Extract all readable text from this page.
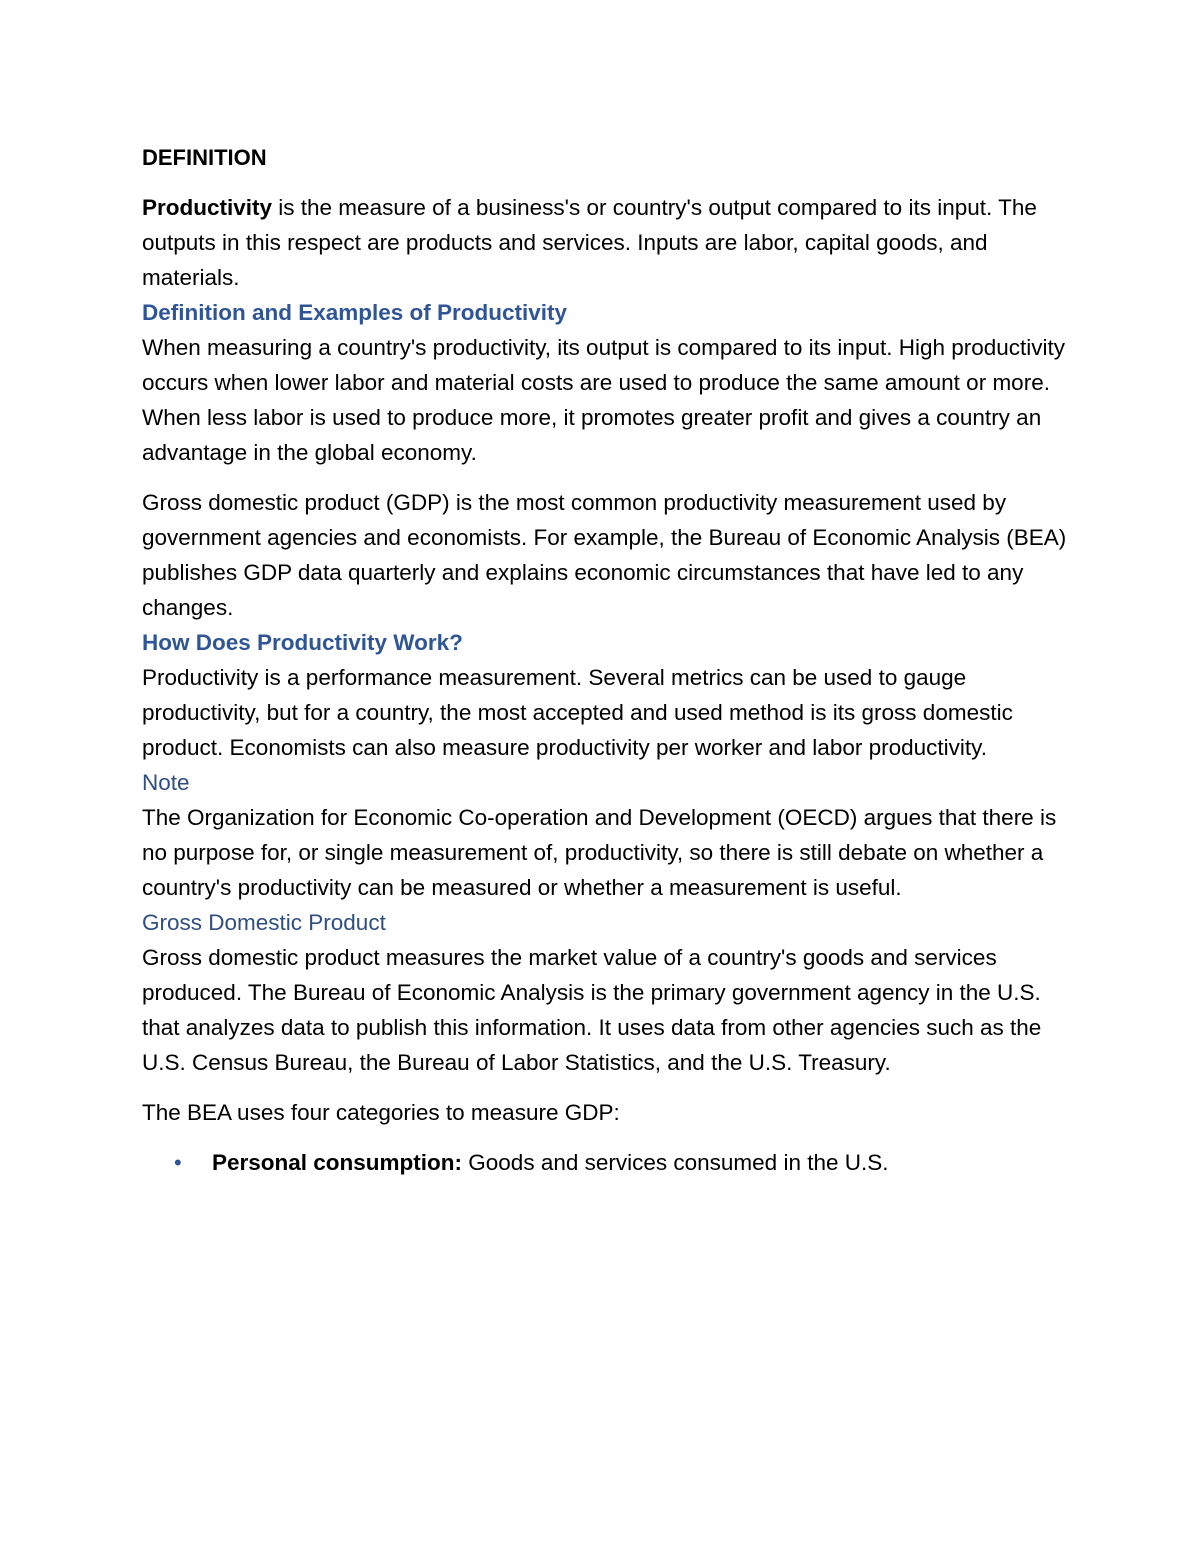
DEFINITION

Productivity is the measure of a business's or country's output compared to its input. The outputs in this respect are products and services. Inputs are labor, capital goods, and materials.

Definition and Examples of Productivity

When measuring a country's productivity, its output is compared to its input. High productivity occurs when lower labor and material costs are used to produce the same amount or more. When less labor is used to produce more, it promotes greater profit and gives a country an advantage in the global economy.

Gross domestic product (GDP) is the most common productivity measurement used by government agencies and economists. For example, the Bureau of Economic Analysis (BEA) publishes GDP data quarterly and explains economic circumstances that have led to any changes.

How Does Productivity Work?

Productivity is a performance measurement. Several metrics can be used to gauge productivity, but for a country, the most accepted and used method is its gross domestic product. Economists can also measure productivity per worker and labor productivity.

Note

The Organization for Economic Co-operation and Development (OECD) argues that there is no purpose for, or single measurement of, productivity, so there is still debate on whether a country's productivity can be measured or whether a measurement is useful.

Gross Domestic Product

Gross domestic product measures the market value of a country's goods and services produced. The Bureau of Economic Analysis is the primary government agency in the U.S. that analyzes data to publish this information. It uses data from other agencies such as the U.S. Census Bureau, the Bureau of Labor Statistics, and the U.S. Treasury.

The BEA uses four categories to measure GDP:

• Personal consumption: Goods and services consumed in the U.S.
